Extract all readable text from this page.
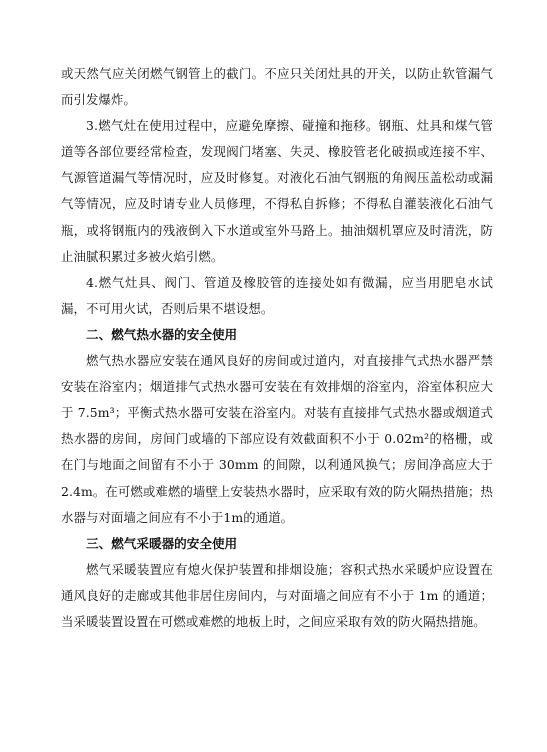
或天然气应关闭燃气钢管上的截门。不应只关闭灶具的开关，以防止软管漏气而引发爆炸。

3.燃气灶在使用过程中，应避免摩擦、碰撞和拖移。钢瓶、灶具和煤气管道等各部位要经常检查，发现阀门堵塞、失灵、橡胶管老化破损或连接不牢、气源管道漏气等情况时，应及时修复。对液化石油气钢瓶的角阀压盖松动或漏气等情况，应及时请专业人员修理，不得私自拆修；不得私自灌装液化石油气瓶，或将钢瓶内的残液倒入下水道或室外马路上。抽油烟机罩应及时清洗，防止油腻积累过多被火焰引燃。

4.燃气灶具、阀门、管道及橡胶管的连接处如有微漏，应当用肥皂水试漏，不可用火试，否则后果不堪设想。

二、燃气热水器的安全使用

燃气热水器应安装在通风良好的房间或过道内，对直接排气式热水器严禁安装在浴室内；烟道排气式热水器可安装在有效排烟的浴室内，浴室体积应大于 7.5m³；平衡式热水器可安装在浴室内。对装有直接排气式热水器或烟道式热水器的房间，房间门或墙的下部应设有效截面积不小于 0.02m²的格栅，或在门与地面之间留有不小于 30mm 的间隙，以利通风换气；房间净高应大于 2.4m。在可燃或难燃的墙壁上安装热水器时，应采取有效的防火隔热措施；热水器与对面墙之间应有不小于1m的通道。

三、燃气采暖器的安全使用

燃气采暖装置应有熄火保护装置和排烟设施；容积式热水采暖炉应设置在通风良好的走廊或其他非居住房间内，与对面墙之间应有不小于 1m 的通道；当采暖装置设置在可燃或难燃的地板上时，之间应采取有效的防火隔热措施。
